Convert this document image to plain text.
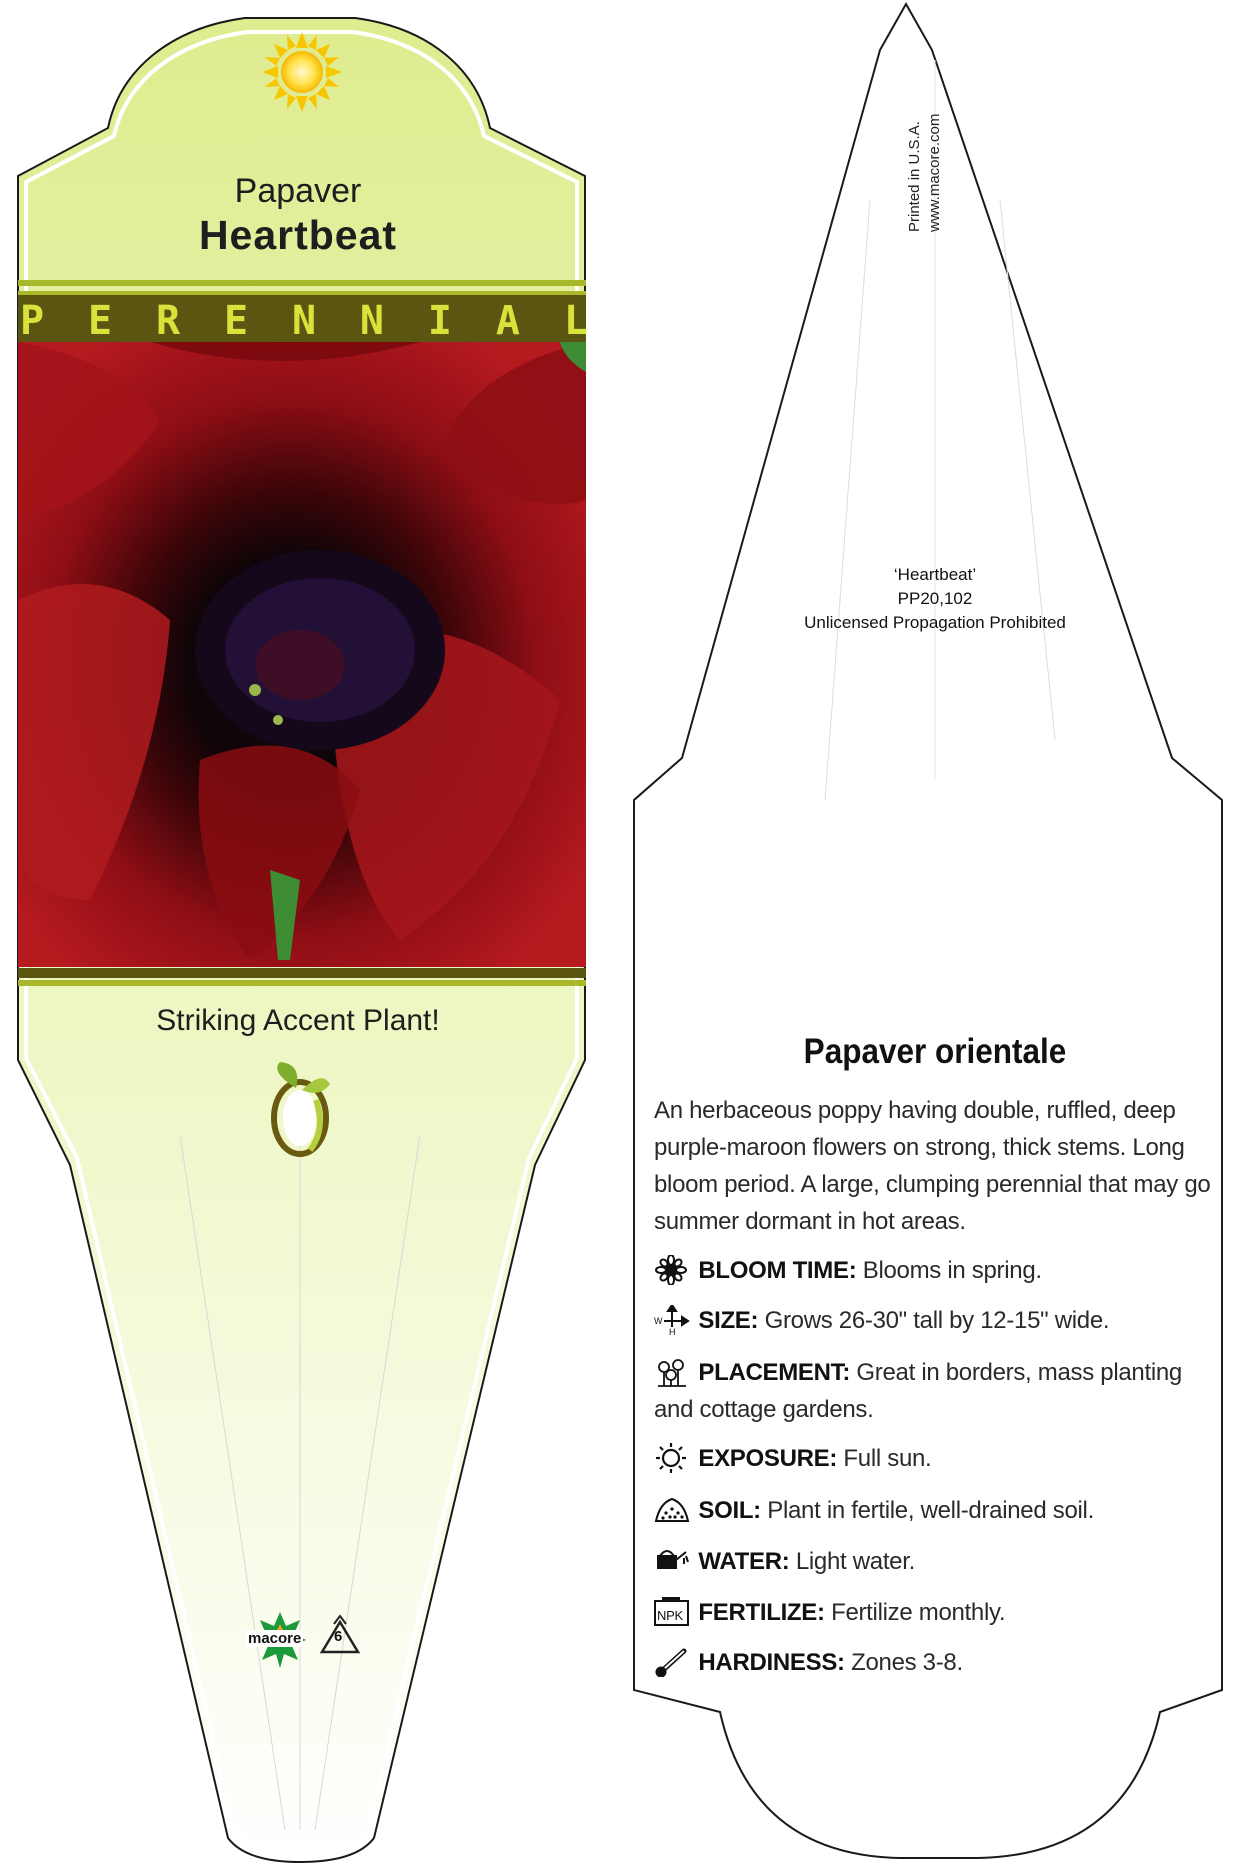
Papaver
Heartbeat
P E R E N N I A L
Striking Accent Plant!
macore 6
Printed in U.S.A. www.macore.com
‘Heartbeat’
PP20,102
Unlicensed Propagation Prohibited
Papaver orientale
An herbaceous poppy having double, ruffled, deep purple-maroon flowers on strong, thick stems. Long bloom period. A large, clumping perennial that may go summer dormant in hot areas.
BLOOM TIME: Blooms in spring.
W
H SIZE: Grows 26-30" tall by 12-15" wide.
PLACEMENT: Great in borders, mass planting and cottage gardens.
EXPOSURE: Full sun.
SOIL: Plant in fertile, well-drained soil.
WATER: Light water.
NPK FERTILIZE: Fertilize monthly.
HARDINESS: Zones 3-8.
